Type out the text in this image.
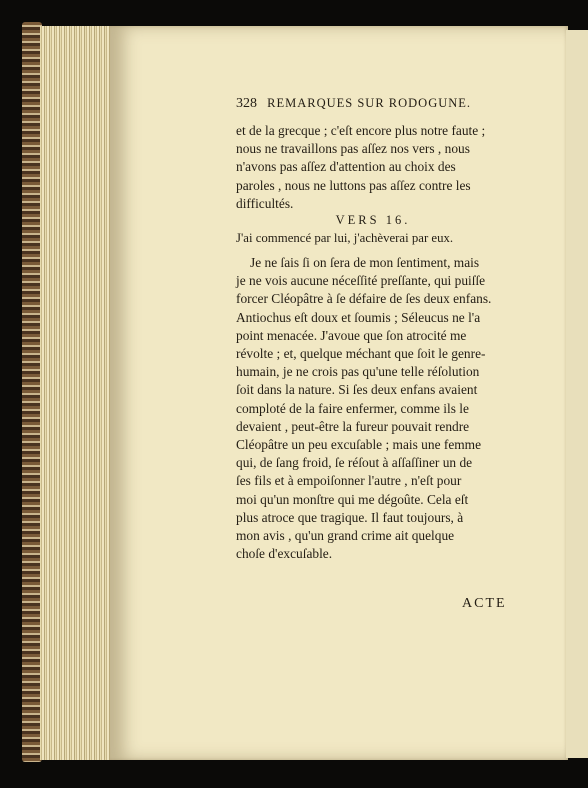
328 REMARQUES SUR RODOGUNE.
et de la grecque ; c'eſt encore plus notre faute ;
nous ne travaillons pas aſſez nos vers , nous
n'avons pas aſſez d'attention au choix des
paroles , nous ne luttons pas aſſez contre les
difficultés.
VERS 16.
J'ai commencé par lui, j'achèverai par eux.
Je ne ſais ſi on ſera de mon ſentiment, mais
je ne vois aucune néceſſité preſſante, qui puiſſe
forcer Cléopâtre à ſe défaire de ſes deux enfans.
Antiochus eſt doux et ſoumis ; Séleucus ne l'a
point menacée. J'avoue que ſon atrocité me
révolte ; et, quelque méchant que ſoit le genre-
humain, je ne crois pas qu'une telle réſolution
ſoit dans la nature. Si ſes deux enfans avaient
comploté de la faire enfermer, comme ils le
devaient , peut-être la fureur pouvait rendre
Cléopâtre un peu excuſable ; mais une femme
qui, de ſang froid, ſe réſout à aſſaſſiner un de
ſes fils et à empoiſonner l'autre , n'eſt pour
moi qu'un monſtre qui me dégoûte. Cela eſt
plus atroce que tragique. Il faut toujours, à
mon avis , qu'un grand crime ait quelque
choſe d'excuſable.
ACTE
